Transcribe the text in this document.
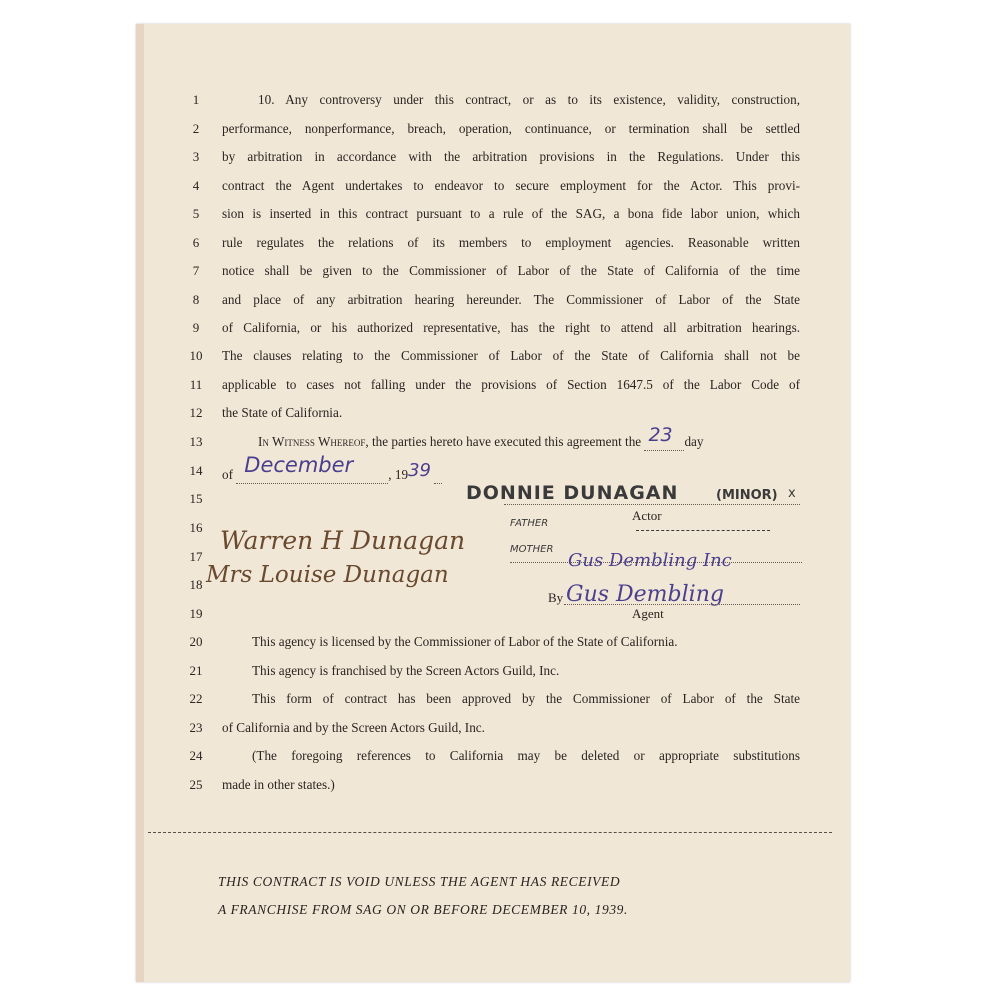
1	10. Any controversy under this contract, or as to its existence, validity, construction,
2	performance, nonperformance, breach, operation, continuance, or termination shall be settled
3	by arbitration in accordance with the arbitration provisions in the Regulations. Under this
4	contract the Agent undertakes to endeavor to secure employment for the Actor. This provi-
5	sion is inserted in this contract pursuant to a rule of the SAG, a bona fide labor union, which
6	rule regulates the relations of its members to employment agencies. Reasonable written
7	notice shall be given to the Commissioner of Labor of the State of California of the time
8	and place of any arbitration hearing hereunder. The Commissioner of Labor of the State
9	of California, or his authorized representative, has the right to attend all arbitration hearings.
10	The clauses relating to the Commissioner of Labor of the State of California shall not be
11	applicable to cases not falling under the provisions of Section 1647.5 of the Labor Code of
12	the State of California.
13	In Witness Whereof, the parties hereto have executed this agreement the 23 day
14	of December	, 1939
15	DONNIE DUNAGAN	(MINOR) x
Actor
16	FATHER
Warren H Dunagan
17	MOTHER
Gus Dembling Inc
18 Mrs Louise Dunagan
By Gus Dembling
19	Agent
20	This agency is licensed by the Commissioner of Labor of the State of California.
21	This agency is franchised by the Screen Actors Guild, Inc.
22	This form of contract has been approved by the Commissioner of Labor of the State
23	of California and by the Screen Actors Guild, Inc.
24	(The foregoing references to California may be deleted or appropriate substitutions
25	made in other states.)
THIS CONTRACT IS VOID UNLESS THE AGENT HAS RECEIVED
A FRANCHISE FROM SAG ON OR BEFORE DECEMBER 10, 1939.
